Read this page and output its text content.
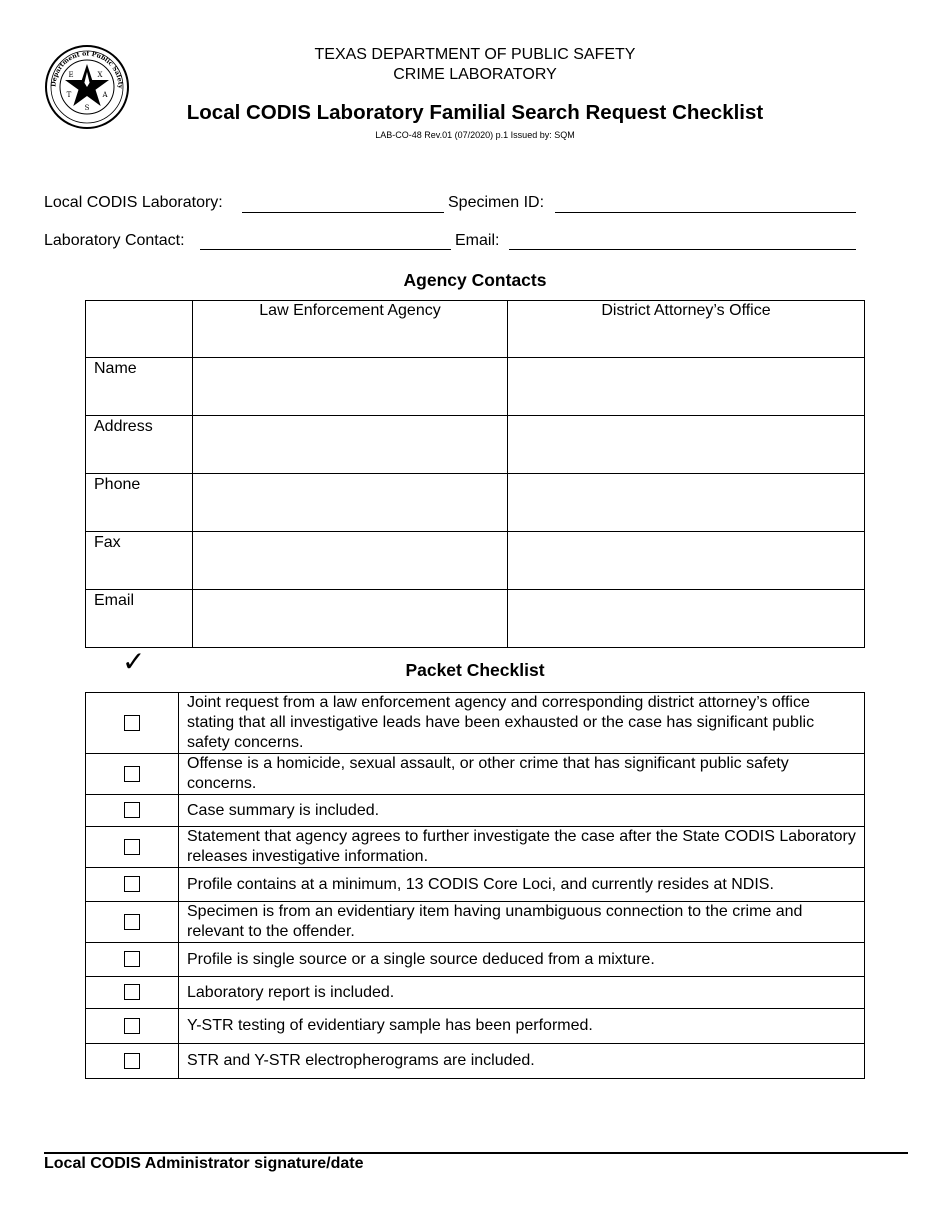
Department of Public Safety
E	X
T	A
S
TEXAS DEPARTMENT OF PUBLIC SAFETY
CRIME LABORATORY
Local CODIS Laboratory Familial Search Request Checklist
LAB-CO-48 Rev.01 (07/2020) p.1 Issued by: SQM
Local CODIS Laboratory:	Specimen ID:
Laboratory Contact:	Email:
Agency Contacts
	Law Enforcement Agency	District Attorney’s Office
Name		
Address		
Phone		
Fax		
Email		
✓	Packet Checklist
	Joint request from a law enforcement agency and corresponding district attorney’s office stating that all investigative leads have been exhausted or the case has significant public safety concerns.
	Offense is a homicide, sexual assault, or other crime that has significant public safety concerns.
	Case summary is included.
	Statement that agency agrees to further investigate the case after the State CODIS Laboratory releases investigative information.
	Profile contains at a minimum, 13 CODIS Core Loci, and currently resides at NDIS.
	Specimen is from an evidentiary item having unambiguous connection to the crime and relevant to the offender.
	Profile is single source or a single source deduced from a mixture.
	Laboratory report is included.
	Y-STR testing of evidentiary sample has been performed.
	STR and Y-STR electropherograms are included.
Local CODIS Administrator signature/date
